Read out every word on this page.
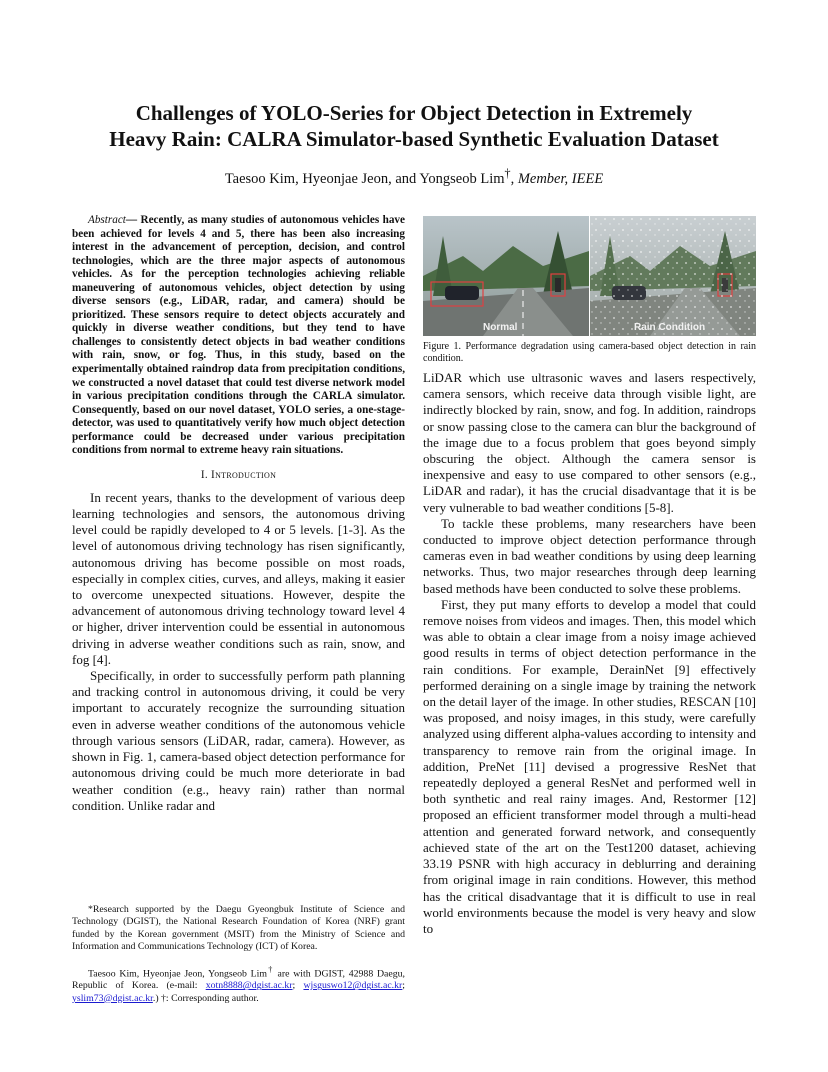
Challenges of YOLO-Series for Object Detection in Extremely
Heavy Rain: CALRA Simulator-based Synthetic Evaluation Dataset

Taesoo Kim, Hyeonjae Jeon, and Yongseob Lim†, Member, IEEE

Abstract— Recently, as many studies of autonomous vehicles have been achieved for levels 4 and 5, there has been also increasing interest in the advancement of perception, decision, and control technologies, which are the three major aspects of autonomous vehicles. As for the perception technologies achieving reliable maneuvering of autonomous vehicles, object detection by using diverse sensors (e.g., LiDAR, radar, and camera) should be prioritized. These sensors require to detect objects accurately and quickly in diverse weather conditions, but they tend to have challenges to consistently detect objects in bad weather conditions with rain, snow, or fog. Thus, in this study, based on the experimentally obtained raindrop data from precipitation conditions, we constructed a novel dataset that could test diverse network model in various precipitation conditions through the CARLA simulator. Consequently, based on our novel dataset, YOLO series, a one-stage-detector, was used to quantitatively verify how much object detection performance could be decreased under various precipitation conditions from normal to extreme heavy rain situations.

I. Introduction

In recent years, thanks to the development of various deep learning technologies and sensors, the autonomous driving level could be rapidly developed to 4 or 5 levels. [1-3]. As the level of autonomous driving technology has risen significantly, autonomous driving has become possible on most roads, especially in complex cities, curves, and alleys, making it easier to overcome unexpected situations. However, despite the advancement of autonomous driving technology toward level 4 or higher, driver intervention could be essential in autonomous driving in adverse weather conditions such as rain, snow, and fog [4].

Specifically, in order to successfully perform path planning and tracking control in autonomous driving, it could be very important to accurately recognize the surrounding situation even in adverse weather conditions of the autonomous vehicle through various sensors (LiDAR, radar, camera). However, as shown in Fig. 1, camera-based object detection performance for autonomous driving could be much more deteriorate in bad weather condition (e.g., heavy rain) rather than normal condition. Unlike radar and

Normal	Rain Condition

Figure 1. Performance degradation using camera-based object detection in rain condition.

LiDAR which use ultrasonic waves and lasers respectively, camera sensors, which receive data through visible light, are indirectly blocked by rain, snow, and fog. In addition, raindrops or snow passing close to the camera can blur the background of the image due to a focus problem that goes beyond simply obscuring the object. Although the camera sensor is inexpensive and easy to use compared to other sensors (e.g., LiDAR and radar), it has the crucial disadvantage that it is be very vulnerable to bad weather conditions [5-8].

To tackle these problems, many researchers have been conducted to improve object detection performance through cameras even in bad weather conditions by using deep learning networks. Thus, two major researches through deep learning based methods have been conducted to solve these problems.

First, they put many efforts to develop a model that could remove noises from videos and images. Then, this model which was able to obtain a clear image from a noisy image achieved good results in terms of object detection performance in the rain conditions. For example, DerainNet [9] effectively performed deraining on a single image by training the network on the detail layer of the image. In other studies, RESCAN [10] was proposed, and noisy images, in this study, were carefully analyzed using different alpha-values according to intensity and transparency to remove rain from the original image. In addition, PreNet [11] devised a progressive ResNet that repeatedly deployed a general ResNet and performed well in both synthetic and real rainy images. And, Restormer [12] proposed an efficient transformer model through a multi-head attention and generated forward network, and consequently achieved state of the art on the Test1200 dataset, achieving 33.19 PSNR with high accuracy in deblurring and deraining from original image in rain conditions. However, this method has the critical disadvantage that it is difficult to use in real world environments because the model is very heavy and slow to

*Research supported by the Daegu Gyeongbuk Institute of Science and Technology (DGIST), the National Research Foundation of Korea (NRF) grant funded by the Korean government (MSIT) from the Ministry of Science and Information and Communications Technology (ICT) of Korea.

Taesoo Kim, Hyeonjae Jeon, Yongseob Lim† are with DGIST, 42988 Daegu, Republic of Korea. (e-mail: xotn8888@dgist.ac.kr; wjsguswo12@dgist.ac.kr; yslim73@dgist.ac.kr.) †: Corresponding author.
